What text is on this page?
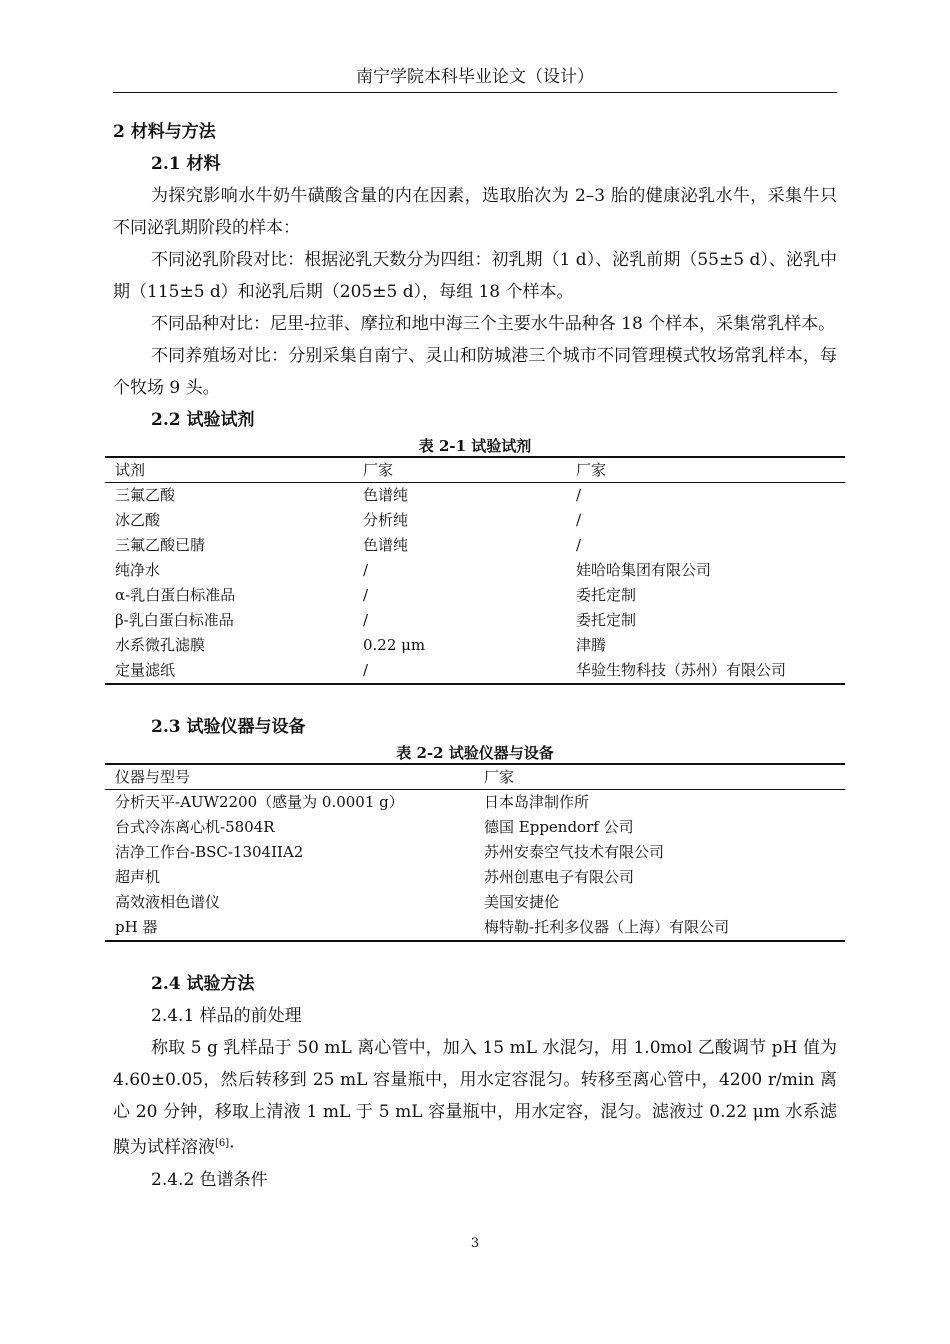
南宁学院本科毕业论文（设计）
2 材料与方法
2.1 材料

为探究影响水牛奶牛磺酸含量的内在因素，选取胎次为 2–3 胎的健康泌乳水牛，采集牛只不同泌乳期阶段的样本：

不同泌乳阶段对比：根据泌乳天数分为四组：初乳期（1 d）、泌乳前期（55±5 d）、泌乳中期（115±5 d）和泌乳后期（205±5 d），每组 18 个样本。

不同品种对比：尼里-拉菲、摩拉和地中海三个主要水牛品种各 18 个样本，采集常乳样本。

不同养殖场对比：分别采集自南宁、灵山和防城港三个城市不同管理模式牧场常乳样本，每个牧场 9 头。

2.2 试验试剂
表 2-1 试验试剂
试剂	厂家	厂家
三氟乙酸	色谱纯	/
冰乙酸	分析纯	/
三氟乙酸已腈	色谱纯	/
纯净水	/	娃哈哈集团有限公司
α-乳白蛋白标准品	/	委托定制
β-乳白蛋白标准品	/	委托定制
水系微孔滤膜	0.22 μm	津腾
定量滤纸	/	华验生物科技（苏州）有限公司
2.3 试验仪器与设备
表 2-2 试验仪器与设备
仪器与型号	厂家
分析天平-AUW2200（感量为 0.0001 g）	日本岛津制作所
台式冷冻离心机-5804R	德国 Eppendorf 公司
洁净工作台-BSC-1304IIA2	苏州安泰空气技术有限公司
超声机	苏州创惠电子有限公司
高效液相色谱仪	美国安捷伦
pH 器	梅特勒-托利多仪器（上海）有限公司
2.4 试验方法
2.4.1 样品的前处理

称取 5 g 乳样品于 50 mL 离心管中，加入 15 mL 水混匀，用 1.0mol 乙酸调节 pH 值为 4.60±0.05，然后转移到 25 mL 容量瓶中，用水定容混匀。转移至离心管中，4200 r/min 离心 20 分钟，移取上清液 1 mL 于 5 mL 容量瓶中，用水定容，混匀。滤液过 0.22 μm 水系滤膜为试样溶液[6]·

2.4.2 色谱条件
3
